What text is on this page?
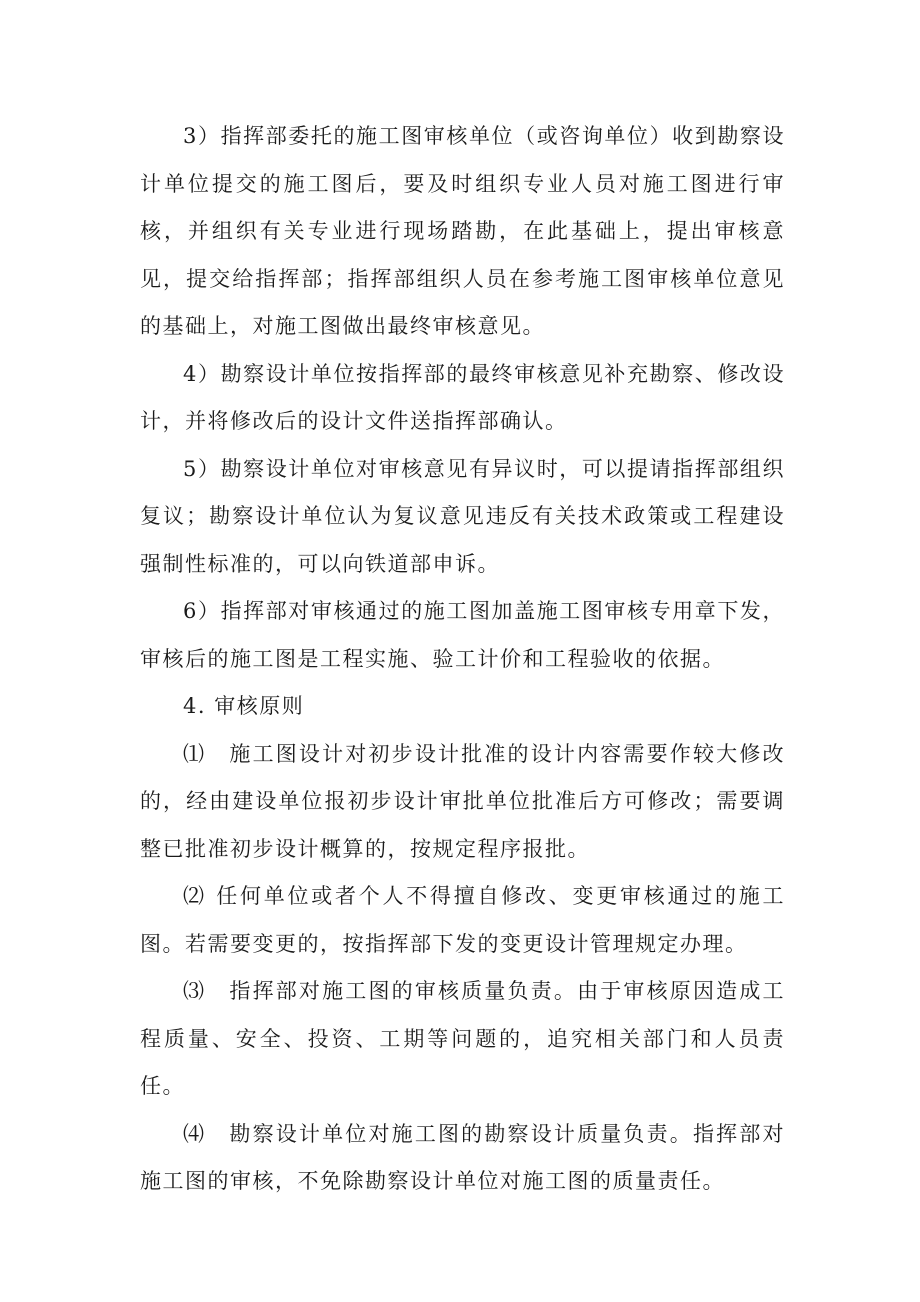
3）指挥部委托的施工图审核单位（或咨询单位）收到勘察设计单位提交的施工图后，要及时组织专业人员对施工图进行审核，并组织有关专业进行现场踏勘，在此基础上，提出审核意见，提交给指挥部；指挥部组织人员在参考施工图审核单位意见的基础上，对施工图做出最终审核意见。

4）勘察设计单位按指挥部的最终审核意见补充勘察、修改设计，并将修改后的设计文件送指挥部确认。

5）勘察设计单位对审核意见有异议时，可以提请指挥部组织复议；勘察设计单位认为复议意见违反有关技术政策或工程建设强制性标准的，可以向铁道部申诉。

6）指挥部对审核通过的施工图加盖施工图审核专用章下发，审核后的施工图是工程实施、验工计价和工程验收的依据。

4. 审核原则

⑴　施工图设计对初步设计批准的设计内容需要作较大修改的，经由建设单位报初步设计审批单位批准后方可修改；需要调整已批准初步设计概算的，按规定程序报批。

⑵ 任何单位或者个人不得擅自修改、变更审核通过的施工图。若需要变更的，按指挥部下发的变更设计管理规定办理。

⑶　指挥部对施工图的审核质量负责。由于审核原因造成工程质量、安全、投资、工期等问题的，追究相关部门和人员责任。

⑷　勘察设计单位对施工图的勘察设计质量负责。指挥部对施工图的审核，不免除勘察设计单位对施工图的质量责任。
